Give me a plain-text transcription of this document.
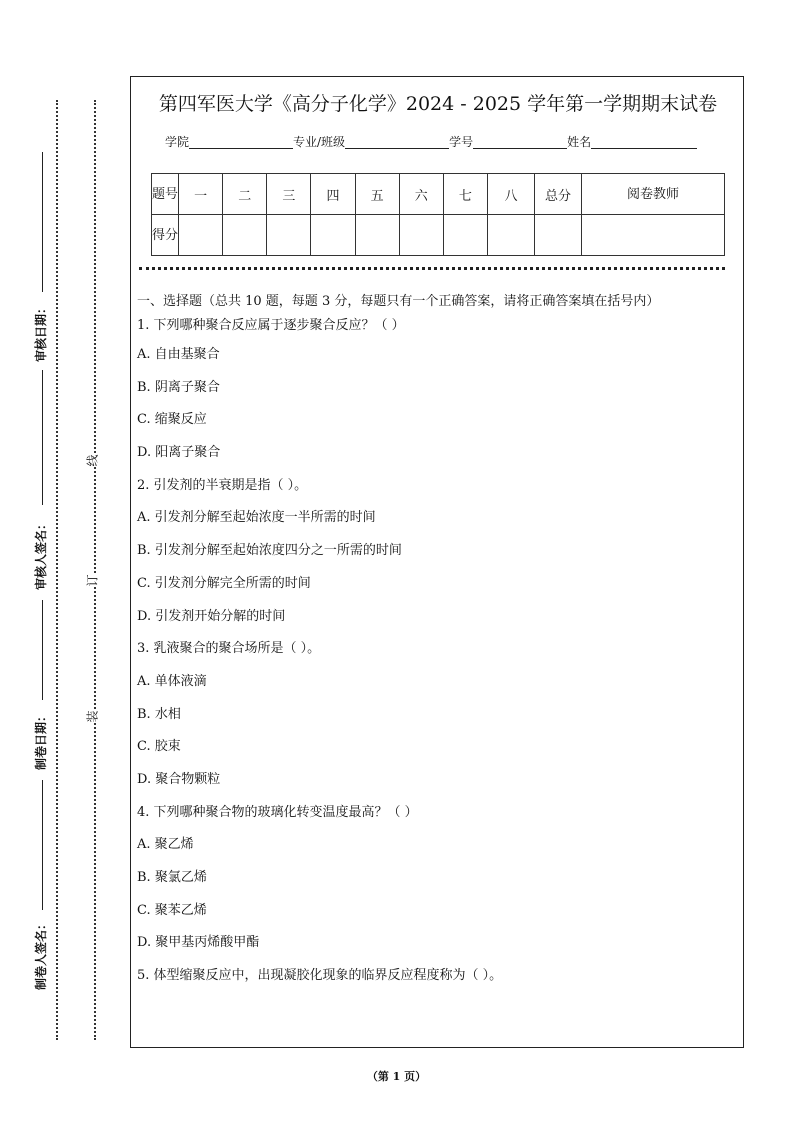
审核日期：
审核人签名：
制卷日期：
制卷人签名：
线
订
装
第四军医大学《高分子化学》2024 - 2025 学年第一学期期末试卷
学院	专业/班级	学号	姓名
题号	一	二	三	四	五	六	七	八	总分	阅卷教师
得分										

一、选择题（总共 10 题，每题 3 分，每题只有一个正确答案，请将正确答案填在括号内）

1. 下列哪种聚合反应属于逐步聚合反应？（ ）
A. 自由基聚合
B. 阴离子聚合
C. 缩聚反应
D. 阳离子聚合
2. 引发剂的半衰期是指（ ）。
A. 引发剂分解至起始浓度一半所需的时间
B. 引发剂分解至起始浓度四分之一所需的时间
C. 引发剂分解完全所需的时间
D. 引发剂开始分解的时间
3. 乳液聚合的聚合场所是（ ）。
A. 单体液滴
B. 水相
C. 胶束
D. 聚合物颗粒
4. 下列哪种聚合物的玻璃化转变温度最高？（ ）
A. 聚乙烯
B. 聚氯乙烯
C. 聚苯乙烯
D. 聚甲基丙烯酸甲酯
5. 体型缩聚反应中，出现凝胶化现象的临界反应程度称为（ ）。
（第 1 页）
